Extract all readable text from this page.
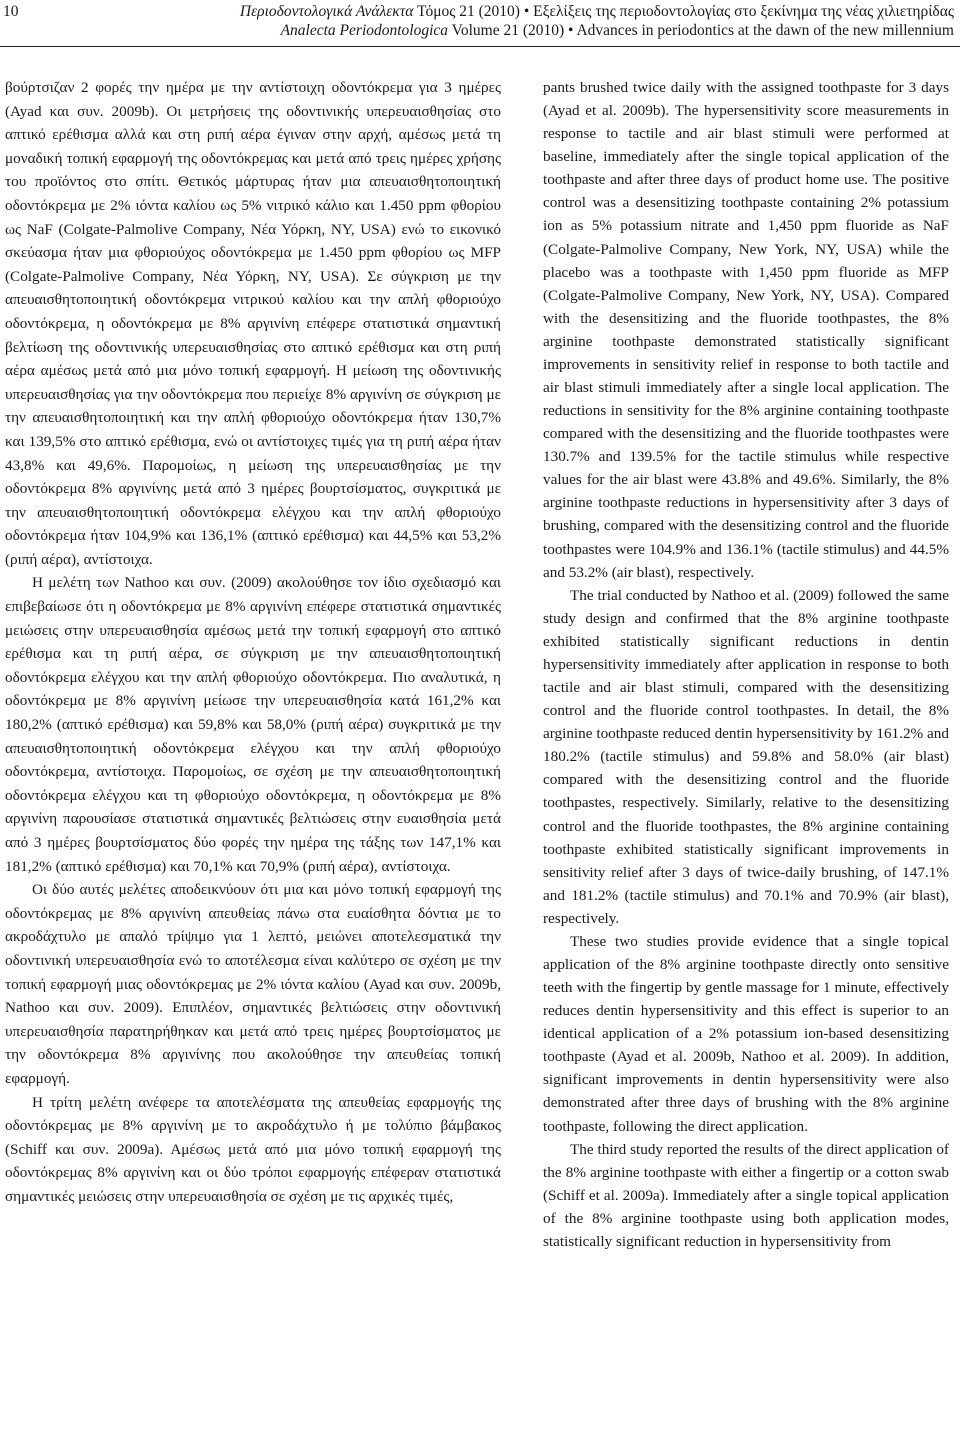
10	Περιοδοντολογικά Ανάλεκτα Τόμος 21 (2010) • Εξελίξεις της περιοδοντολογίας στο ξεκίνημα της νέας χιλιετηρίδας
Analecta Periodontologica Volume 21 (2010) • Advances in periodontics at the dawn of the new millennium

βούρτσιζαν 2 φορές την ημέρα με την αντίστοιχη οδοντόκρεμα για 3 ημέρες (Ayad και συν. 2009b). Οι μετρήσεις της οδοντινικής υπερευαισθησίας στο απτικό ερέθισμα αλλά και στη ριπή αέρα έγιναν στην αρχή, αμέσως μετά τη μοναδική τοπική εφαρμογή της οδοντόκρεμας και μετά από τρεις ημέρες χρήσης του προϊόντος στο σπίτι. Θετικός μάρτυρας ήταν μια απευαισθητοποιητική οδοντόκρεμα με 2% ιόντα καλίου ως 5% νιτρικό κάλιο και 1.450 ppm φθορίου ως NaF (Colgate-Palmolive Company, Νέα Υόρκη, NY, USA) ενώ το εικονικό σκεύασμα ήταν μια φθοριούχος οδοντόκρεμα με 1.450 ppm φθορίου ως MFP (Colgate-Palmolive Company, Νέα Υόρκη, NY, USA). Σε σύγκριση με την απευαισθητοποιητική οδοντόκρεμα νιτρικού καλίου και την απλή φθοριούχο οδοντόκρεμα, η οδοντόκρεμα με 8% αργινίνη επέφερε στατιστικά σημαντική βελτίωση της οδοντινικής υπερευαισθησίας στο απτικό ερέθισμα και στη ριπή αέρα αμέσως μετά από μια μόνο τοπική εφαρμογή. Η μείωση της οδοντινικής υπερευαισθησίας για την οδοντόκρεμα που περιείχε 8% αργινίνη σε σύγκριση με την απευαισθητοποιητική και την απλή φθοριούχο οδοντόκρεμα ήταν 130,7% και 139,5% στο απτικό ερέθισμα, ενώ οι αντίστοιχες τιμές για τη ριπή αέρα ήταν 43,8% και 49,6%. Παρομοίως, η μείωση της υπερευαισθησίας με την οδοντόκρεμα 8% αργινίνης μετά από 3 ημέρες βουρτσίσματος, συγκριτικά με την απευαισθητοποιητική οδοντόκρεμα ελέγχου και την απλή φθοριούχο οδοντόκρεμα ήταν 104,9% και 136,1% (απτικό ερέθισμα) και 44,5% και 53,2% (ριπή αέρα), αντίστοιχα.

Η μελέτη των Nathoo και συν. (2009) ακολούθησε τον ίδιο σχεδιασμό και επιβεβαίωσε ότι η οδοντόκρεμα με 8% αργινίνη επέφερε στατιστικά σημαντικές μειώσεις στην υπερευαισθησία αμέσως μετά την τοπική εφαρμογή στο απτικό ερέθισμα και τη ριπή αέρα, σε σύγκριση με την απευαισθητοποιητική οδοντόκρεμα ελέγχου και την απλή φθοριούχο οδοντόκρεμα. Πιο αναλυτικά, η οδοντόκρεμα με 8% αργινίνη μείωσε την υπερευαισθησία κατά 161,2% και 180,2% (απτικό ερέθισμα) και 59,8% και 58,0% (ριπή αέρα) συγκριτικά με την απευαισθητοποιητική οδοντόκρεμα ελέγχου και την απλή φθοριούχο οδοντόκρεμα, αντίστοιχα. Παρομοίως, σε σχέση με την απευαισθητοποιητική οδοντόκρεμα ελέγχου και τη φθοριούχο οδοντόκρεμα, η οδοντόκρεμα με 8% αργινίνη παρουσίασε στατιστικά σημαντικές βελτιώσεις στην ευαισθησία μετά από 3 ημέρες βουρτσίσματος δύο φορές την ημέρα της τάξης των 147,1% και 181,2% (απτικό ερέθισμα) και 70,1% και 70,9% (ριπή αέρα), αντίστοιχα.

Οι δύο αυτές μελέτες αποδεικνύουν ότι μια και μόνο τοπική εφαρμογή της οδοντόκρεμας με 8% αργινίνη απευθείας πάνω στα ευαίσθητα δόντια με το ακροδάχτυλο με απαλό τρίψιμο για 1 λεπτό, μειώνει αποτελεσματικά την οδοντινική υπερευαισθησία ενώ το αποτέλεσμα είναι καλύτερο σε σχέση με την τοπική εφαρμογή μιας οδοντόκρεμας με 2% ιόντα καλίου (Ayad και συν. 2009b, Nathoo και συν. 2009). Επιπλέον, σημαντικές βελτιώσεις στην οδοντινική υπερευαισθησία παρατηρήθηκαν και μετά από τρεις ημέρες βουρτσίσματος με την οδοντόκρεμα 8% αργινίνης που ακολούθησε την απευθείας τοπική εφαρμογή.

Η τρίτη μελέτη ανέφερε τα αποτελέσματα της απευθείας εφαρμογής της οδοντόκρεμας με 8% αργινίνη με το ακροδάχτυλο ή με τολύπιο βάμβακος (Schiff και συν. 2009a). Αμέσως μετά από μια μόνο τοπική εφαρμογή της οδοντόκρεμας 8% αργινίνη και οι δύο τρόποι εφαρμογής επέφεραν στατιστικά σημαντικές μειώσεις στην υπερευαισθησία σε σχέση με τις αρχικές τιμές,

pants brushed twice daily with the assigned toothpaste for 3 days (Ayad et al. 2009b). The hypersensitivity score measurements in response to tactile and air blast stimuli were performed at baseline, immediately after the single topical application of the toothpaste and after three days of product home use. The positive control was a desensitizing toothpaste containing 2% potassium ion as 5% potassium nitrate and 1,450 ppm fluoride as NaF (Colgate-Palmolive Company, New York, NY, USA) while the placebo was a toothpaste with 1,450 ppm fluoride as MFP (Colgate-Palmolive Company, New York, NY, USA). Compared with the desensitizing and the fluoride toothpastes, the 8% arginine toothpaste demonstrated statistically significant improvements in sensitivity relief in response to both tactile and air blast stimuli immediately after a single local application. The reductions in sensitivity for the 8% arginine containing toothpaste compared with the desensitizing and the fluoride toothpastes were 130.7% and 139.5% for the tactile stimulus while respective values for the air blast were 43.8% and 49.6%. Similarly, the 8% arginine toothpaste reductions in hypersensitivity after 3 days of brushing, compared with the desensitizing control and the fluoride toothpastes were 104.9% and 136.1% (tactile stimulus) and 44.5% and 53.2% (air blast), respectively.

The trial conducted by Nathoo et al. (2009) followed the same study design and confirmed that the 8% arginine toothpaste exhibited statistically significant reductions in dentin hypersensitivity immediately after application in response to both tactile and air blast stimuli, compared with the desensitizing control and the fluoride control toothpastes. In detail, the 8% arginine toothpaste reduced dentin hypersensitivity by 161.2% and 180.2% (tactile stimulus) and 59.8% and 58.0% (air blast) compared with the desensitizing control and the fluoride toothpastes, respectively. Similarly, relative to the desensitizing control and the fluoride toothpastes, the 8% arginine containing toothpaste exhibited statistically significant improvements in sensitivity relief after 3 days of twice-daily brushing, of 147.1% and 181.2% (tactile stimulus) and 70.1% and 70.9% (air blast), respectively.

These two studies provide evidence that a single topical application of the 8% arginine toothpaste directly onto sensitive teeth with the fingertip by gentle massage for 1 minute, effectively reduces dentin hypersensitivity and this effect is superior to an identical application of a 2% potassium ion-based desensitizing toothpaste (Ayad et al. 2009b, Nathoo et al. 2009). In addition, significant improvements in dentin hypersensitivity were also demonstrated after three days of brushing with the 8% arginine toothpaste, following the direct application.

The third study reported the results of the direct application of the 8% arginine toothpaste with either a fingertip or a cotton swab (Schiff et al. 2009a). Immediately after a single topical application of the 8% arginine toothpaste using both application modes, statistically significant reduction in hypersensitivity from
